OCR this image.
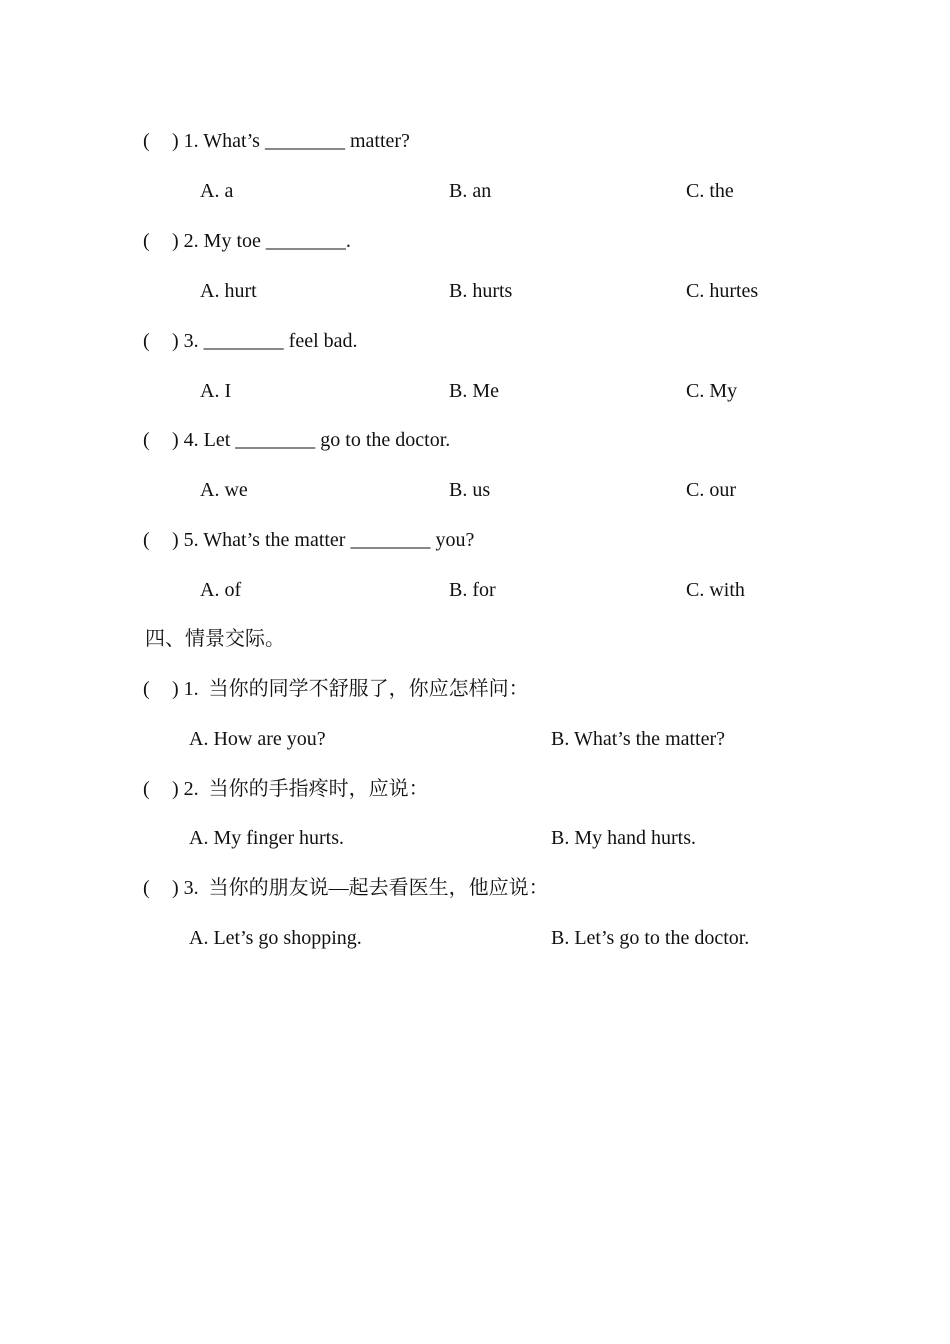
( ) 1. What’s ________ matter?
A. a	B. an	C. the
( ) 2. My toe ________.
A. hurt	B. hurts	C. hurtes
( ) 3. ________ feel bad.
A. I	B. Me	C. My
( ) 4. Let ________ go to the doctor.
A. we	B. us	C. our
( ) 5. What’s the matter ________ you?
A. of	B. for	C. with
四、情景交际。
( ) 1.  当你的同学不舒服了，你应怎样问：
A. How are you?	B. What’s the matter?
( ) 2.  当你的手指疼时，应说：
A. My finger hurts.	B. My hand hurts.
( ) 3.  当你的朋友说—起去看医生，他应说：
A. Let’s go shopping.	B. Let’s go to the doctor.
